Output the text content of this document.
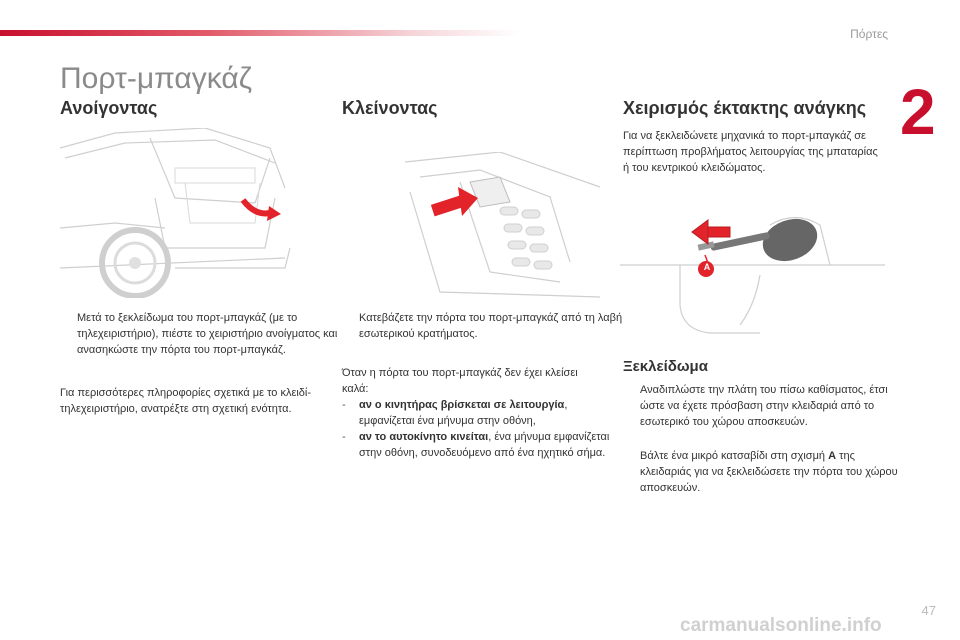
Πόρτες
2
Πορτ-μπαγκάζ
Ανοίγοντας
Μετά το ξεκλείδωμα του πορτ-μπαγκάζ (με το τηλεχειριστήριο), πιέστε το χειριστήριο ανοίγματος και ανασηκώστε την πόρτα του πορτ-μπαγκάζ.
Για περισσότερες πληροφορίες σχετικά με το κλειδί-τηλεχειριστήριο, ανατρέξτε στη σχετική ενότητα.
Κλείνοντας
Κατεβάζετε την πόρτα του πορτ-μπαγκάζ από τη λαβή εσωτερικού κρατήματος.
Όταν η πόρτα του πορτ-μπαγκάζ δεν έχει κλείσει καλά:
- αν ο κινητήρας βρίσκεται σε λειτουργία, εμφανίζεται ένα μήνυμα στην οθόνη,
- αν το αυτοκίνητο κινείται, ένα μήνυμα εμφανίζεται στην οθόνη, συνοδευόμενο από ένα ηχητικό σήμα.
Χειρισμός έκτακτης ανάγκης
Για να ξεκλειδώνετε μηχανικά το πορτ-μπαγκάζ σε περίπτωση προβλήματος λειτουργίας της μπαταρίας ή του κεντρικού κλειδώματος.
A
Ξεκλείδωμα
Αναδιπλώστε την πλάτη του πίσω καθίσματος, έτσι ώστε να έχετε πρόσβαση στην κλειδαριά από το εσωτερικό του χώρου αποσκευών.
Βάλτε ένα μικρό κατσαβίδι στη σχισμή A της κλειδαριάς για να ξεκλειδώσετε την πόρτα του χώρου αποσκευών.
47
carmanualsonline.info
